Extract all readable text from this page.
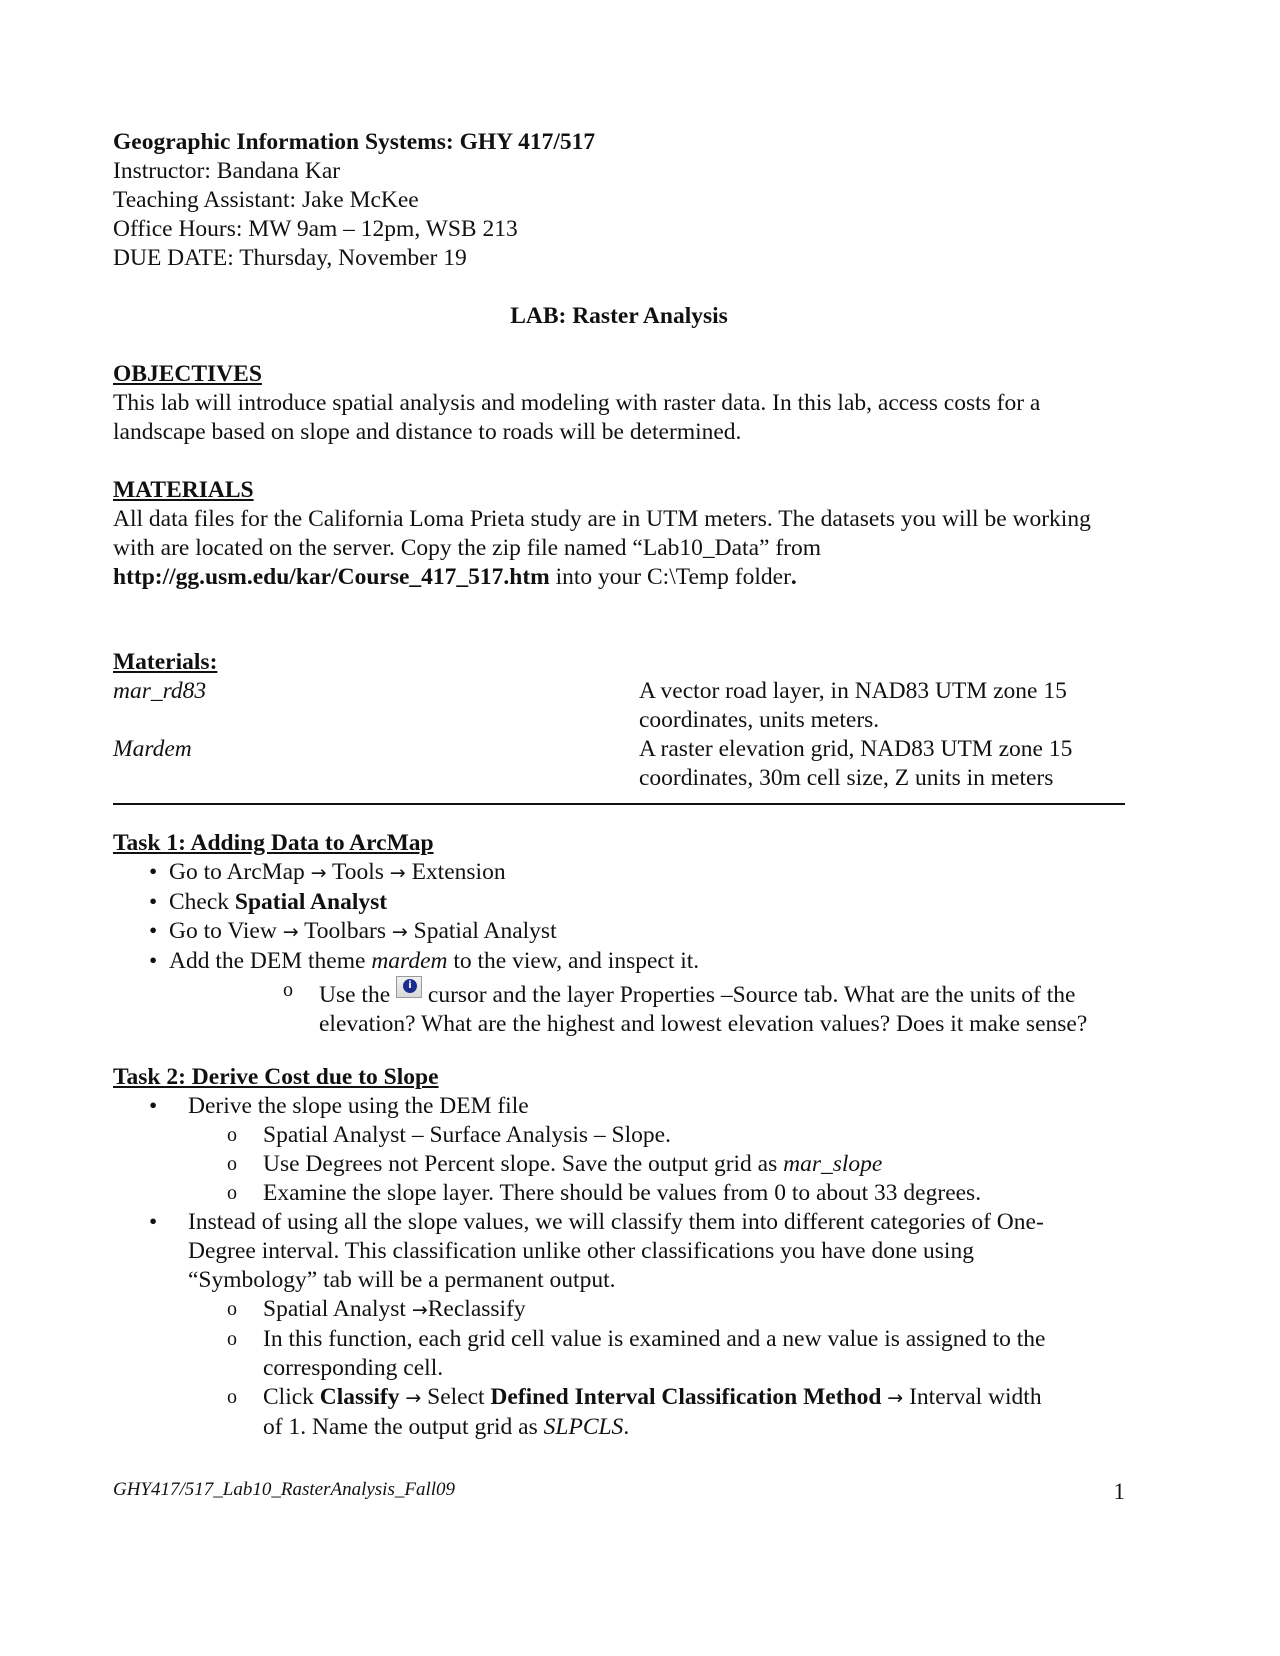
Geographic Information Systems: GHY 417/517

Instructor: Bandana Kar

Teaching Assistant: Jake McKee

Office Hours: MW 9am – 12pm, WSB 213

DUE DATE: Thursday, November 19

LAB: Raster Analysis

OBJECTIVES

This lab will introduce spatial analysis and modeling with raster data. In this lab, access costs for a landscape based on slope and distance to roads will be determined.

MATERIALS

All data files for the California Loma Prieta study are in UTM meters. The datasets you will be working with are located on the server. Copy the zip file named “Lab10_Data” from http://gg.usm.edu/kar/Course_417_517.htm into your C:\Temp folder.

Materials:

mar_rd83	A vector road layer, in NAD83 UTM zone 15
coordinates, units meters.
Mardem	A raster elevation grid, NAD83 UTM zone 15
coordinates, 30m cell size, Z units in meters

Task 1: Adding Data to ArcMap

• Go to ArcMap → Tools → Extension
• Check Spatial Analyst
• Go to View → Toolbars → Spatial Analyst
• Add the DEM theme mardem to the view, and inspect it.
o Use the	i cursor and the layer Properties –Source tab. What are the units of the
elevation? What are the highest and lowest elevation values? Does it make sense?

Task 2: Derive Cost due to Slope

• Derive the slope using the DEM file
o Spatial Analyst – Surface Analysis – Slope.
o Use Degrees not Percent slope. Save the output grid as mar_slope
o Examine the slope layer. There should be values from 0 to about 33 degrees.
• Instead of using all the slope values, we will classify them into different categories of One-
Degree interval. This classification unlike other classifications you have done using
“Symbology” tab will be a permanent output.
o Spatial Analyst →Reclassify
o In this function, each grid cell value is examined and a new value is assigned to the
corresponding cell.
o Click Classify → Select Defined Interval Classification Method → Interval width
of 1. Name the output grid as SLPCLS.
GHY417/517_Lab10_RasterAnalysis_Fall09	1
